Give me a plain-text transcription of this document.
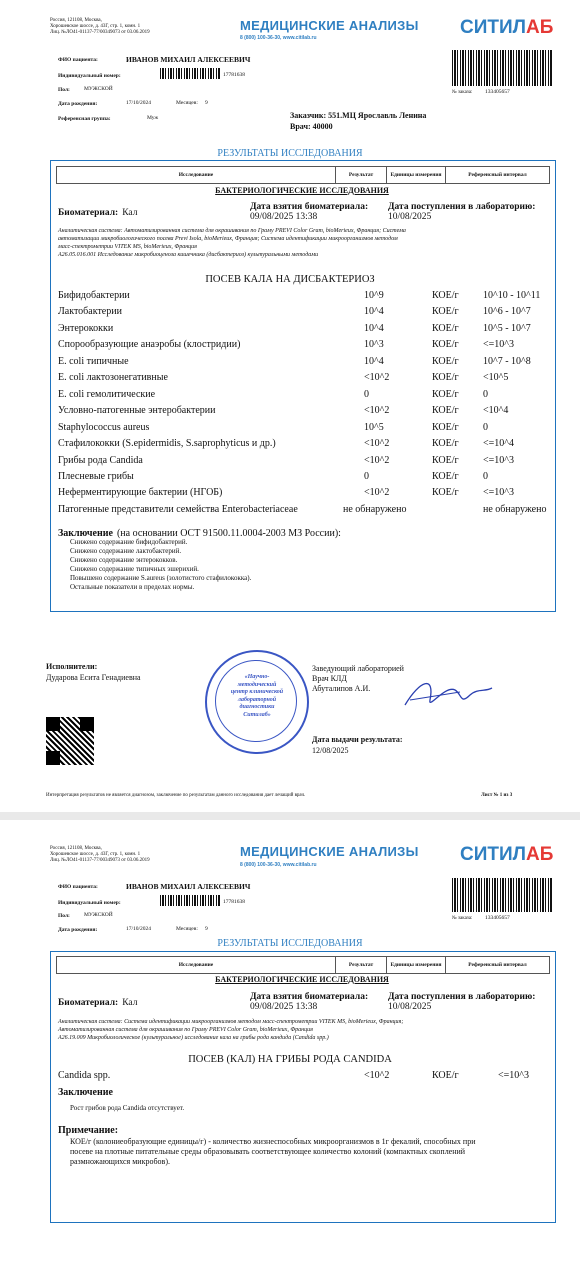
Россия, 121108, Москва,
Хорошевское шоссе, д. 43Г, стр. 1, комн. 1
Лиц. №ЛО41-01137-77/00349073 от 03.06.2019	МЕДИЦИНСКИЕ АНАЛИЗЫ
8 (800) 100-36-30, www.citilab.ru	СИТИЛАБ
ФИО пациента:	ИВАНОВ МИХАИЛ АЛЕКСЕЕВИЧ
Индивидуальный номер:	17781638
Пол:	МУЖСКОЙ
Дата рождения:	17/10/2024	Месяцев: 9
Референсная группа:	Муж
№ заказа: 133405657
Заказчик: 551.МЦ Ярославль Ленина
Врач: 40000
РЕЗУЛЬТАТЫ ИССЛЕДОВАНИЯ
Исследование	Результат	Единицы измерения	Референсный интервал
БАКТЕРИОЛОГИЧЕСКИЕ ИССЛЕДОВАНИЯ
Биоматериал: Кал
Дата взятия биоматериала:
09/08/2025 13:38
Дата поступления в лабораторию:
10/08/2025
Аналитическая система: Автоматизированная система для окрашивания по Граму PREVI Color Gram, bioMerieux, Франция; Система
автоматизации микробиологического посева Previ Isola, bioMerieux, Франция; Система идентификации микроорганизмов методом
масс-спектрометрии VITEK MS, bioMerieux, Франция
А26.05.016.001 Исследование микробиоценоза кишечника (дисбактериоз) культуральными методами
ПОСЕВ КАЛА НА ДИСБАКТЕРИОЗ
Бифидобактерии	10^9	КОЕ/г 10^10 - 10^11
Лактобактерии	10^4	КОЕ/г 10^6 - 10^7
Энтерококки	10^4	КОЕ/г 10^5 - 10^7
Спорообразующие анаэробы (клостридии)	10^3	КОЕ/г <=10^3
E. coli типичные	10^4	КОЕ/г 10^7 - 10^8
E. coli лактозонегативные	<10^2	КОЕ/г <10^5
E. coli гемолитические	0	КОЕ/г 0
Условно-патогенные энтеробактерии	<10^2	КОЕ/г <10^4
Staphylococcus aureus	10^5	КОЕ/г 0
Стафилококки (S.epidermidis, S.saprophyticus и др.)	<10^2	КОЕ/г <=10^4
Грибы рода Candida	<10^2	КОЕ/г <=10^3
Плесневые грибы	0	КОЕ/г 0
Неферментирующие бактерии (НГОБ)	<10^2	КОЕ/г <=10^3
Патогенные представители семейства Enterobacteriaceae	не обнаружено	не обнаружено
Заключение (на основании ОСТ 91500.11.0004-2003 МЗ России):
Снижено содержание бифидобактерий.
Снижено содержание лактобактерий.
Снижено содержание энтерококков.
Снижено содержание типичных эшерихий.
Повышено содержание S.aureus (золотистого стафилококка).
Остальные показатели в пределах нормы.
Исполнители:
Дударова Есита Генадиевна	«Научно-
методический
центр клинической
лабораторной
диагностики
Ситилаб»
Заведующий лабораторией
Врач КЛД
Абуталипов А.И.
Дата выдачи результата:
12/08/2025
Интерпретация результатов не является диагнозом, заключение по результатам данного исследования дает лечащий врач.	Лист № 1 из 3
Россия, 121108, Москва,
Хорошевское шоссе, д. 43Г, стр. 1, комн. 1
Лиц. №ЛО41-01137-77/00349073 от 03.06.2019
МЕДИЦИНСКИЕ АНАЛИЗЫ
8 (800) 100-36-30, www.citilab.ru	СИТИЛАБ
ФИО пациента:	ИВАНОВ МИХАИЛ АЛЕКСЕЕВИЧ
Индивидуальный номер:	17781638
Пол:	МУЖСКОЙ
Дата рождения:	17/10/2024	Месяцев: 9
№ заказа: 133405657
РЕЗУЛЬТАТЫ ИССЛЕДОВАНИЯ
Исследование	Результат	Единицы измерения	Референсный интервал
БАКТЕРИОЛОГИЧЕСКИЕ ИССЛЕДОВАНИЯ
Биоматериал: Кал
Дата взятия биоматериала:
09/08/2025 13:38
Дата поступления в лабораторию:
10/08/2025
Аналитическая система: Система идентификации микроорганизмов методом масс-спектрометрии VITEK MS, bioMerieux, Франция;
Автоматизированная система для окрашивания по Граму PREVI Color Gram, bioMerieux, Франция
А26.19.009 Микробиологическое (культуральное) исследование кала на грибы рода кандида (Candida spp.)
ПОСЕВ (КАЛ) НА ГРИБЫ РОДА CANDIDA
Candida spp.	<10^2	КОЕ/г	<=10^3
Заключение
Рост грибов рода Candida отсутствует.
Примечание:
КОЕ/г (колониеобразующие единицы/г) - количество жизнеспособных микроорганизмов в 1г фекалий, способных при
посеве на плотные питательные среды образовывать соответствующее количество колоний (компактных скоплений
размножающихся микробов).
